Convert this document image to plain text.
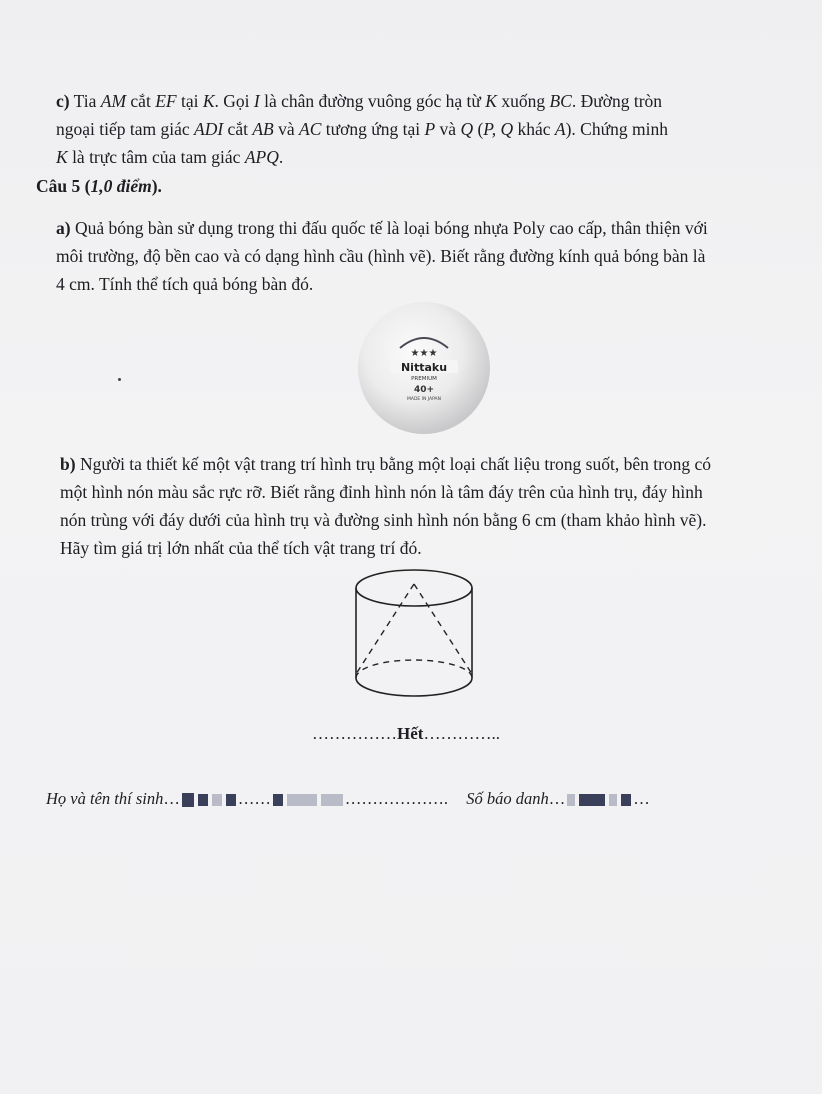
c) Tia AM cắt EF tại K. Gọi I là chân đường vuông góc hạ từ K xuống BC. Đường tròn
ngoại tiếp tam giác ADI cắt AB và AC tương ứng tại P và Q (P, Q khác A). Chứng minh
K là trực tâm của tam giác APQ.
Câu 5 (1,0 điểm).
a) Quả bóng bàn sử dụng trong thi đấu quốc tế là loại bóng nhựa Poly cao cấp, thân thiện với
môi trường, độ bền cao và có dạng hình cầu (hình vẽ). Biết rằng đường kính quả bóng bàn là
4 cm. Tính thể tích quả bóng bàn đó.
★★★
Nittaku
PREMIUM
40+
MADE IN JAPAN
b) Người ta thiết kế một vật trang trí hình trụ bằng một loại chất liệu trong suốt, bên trong có
một hình nón màu sắc rực rỡ. Biết rằng đỉnh hình nón là tâm đáy trên của hình trụ, đáy hình
nón trùng với đáy dưới của hình trụ và đường sinh hình nón bằng 6 cm (tham khảo hình vẽ).
Hãy tìm giá trị lớn nhất của thể tích vật trang trí đó.
……………Hết…………..
Họ và tên thí sinh…	……	………………. Số báo danh…	…
